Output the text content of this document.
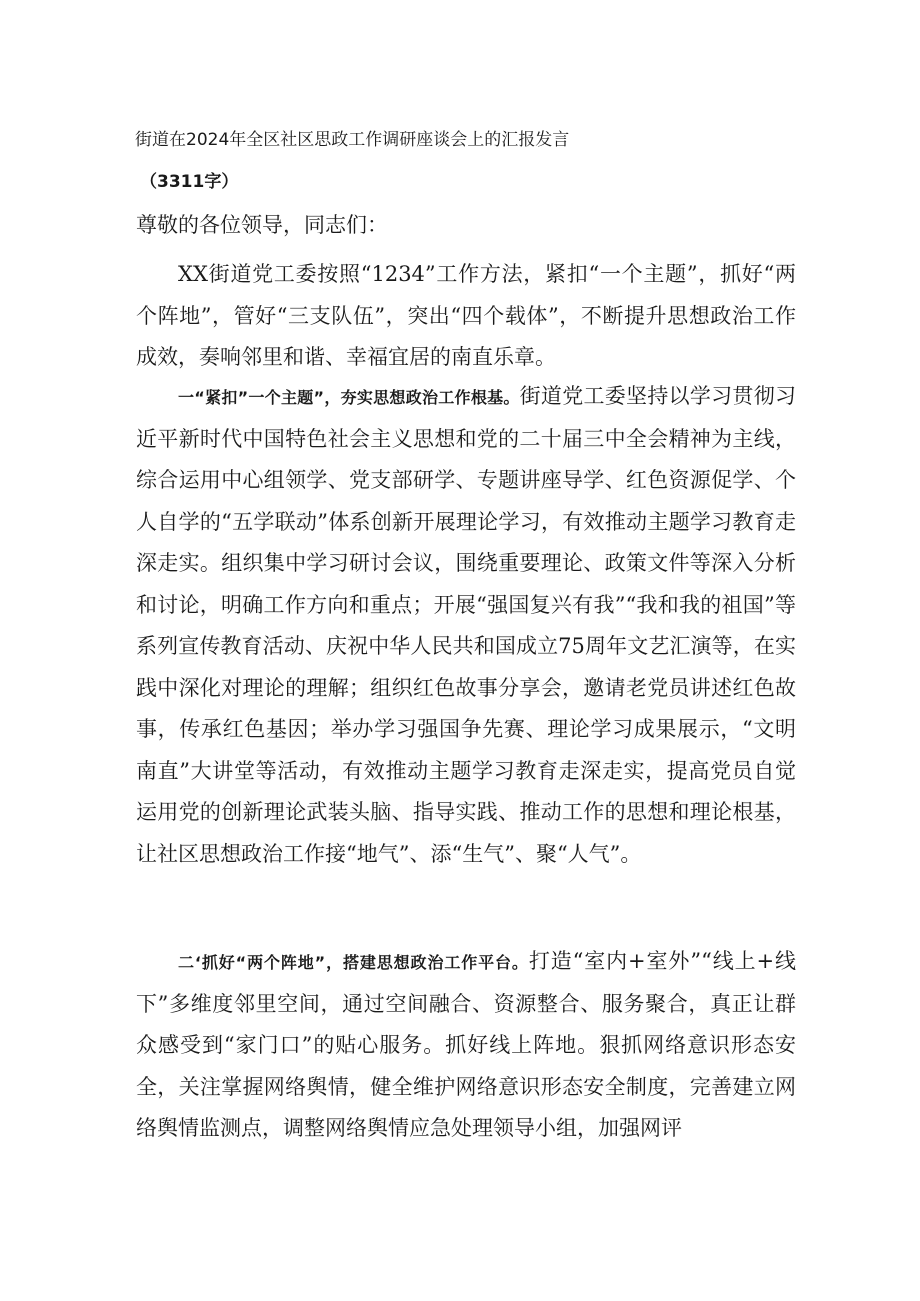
街道在2024年全区社区思政工作调研座谈会上的汇报发言
（3311字）
尊敬的各位领导，同志们：

XX街道党工委按照“1234”工作方法，紧扣“一个主题”，抓好“两个阵地”，管好“三支队伍”，突出“四个载体”，不断提升思想政治工作成效，奏响邻里和谐、幸福宜居的南直乐章。

一“紧扣”一个主题”，夯实思想政治工作根基。街道党工委坚持以学习贯彻习近平新时代中国特色社会主义思想和党的二十届三中全会精神为主线，综合运用中心组领学、党支部研学、专题讲座导学、红色资源促学、个人自学的“五学联动”体系创新开展理论学习，有效推动主题学习教育走深走实。组织集中学习研讨会议，围绕重要理论、政策文件等深入分析和讨论，明确工作方向和重点；开展“强国复兴有我”“我和我的祖国”等系列宣传教育活动、庆祝中华人民共和国成立75周年文艺汇演等，在实践中深化对理论的理解；组织红色故事分享会，邀请老党员讲述红色故事，传承红色基因；举办学习强国争先赛、理论学习成果展示，“文明南直”大讲堂等活动，有效推动主题学习教育走深走实，提高党员自觉运用党的创新理论武装头脑、指导实践、推动工作的思想和理论根基，让社区思想政治工作接“地气”、添“生气”、聚“人气”。

二‘抓好“两个阵地”，搭建思想政治工作平台。打造“室内+室外”“线上+线下”多维度邻里空间，通过空间融合、资源整合、服务聚合，真正让群众感受到“家门口”的贴心服务。抓好线上阵地。狠抓网络意识形态安全，关注掌握网络舆情，健全维护网络意识形态安全制度，完善建立网络舆情监测点，调整网络舆情应急处理领导小组，加强网评
